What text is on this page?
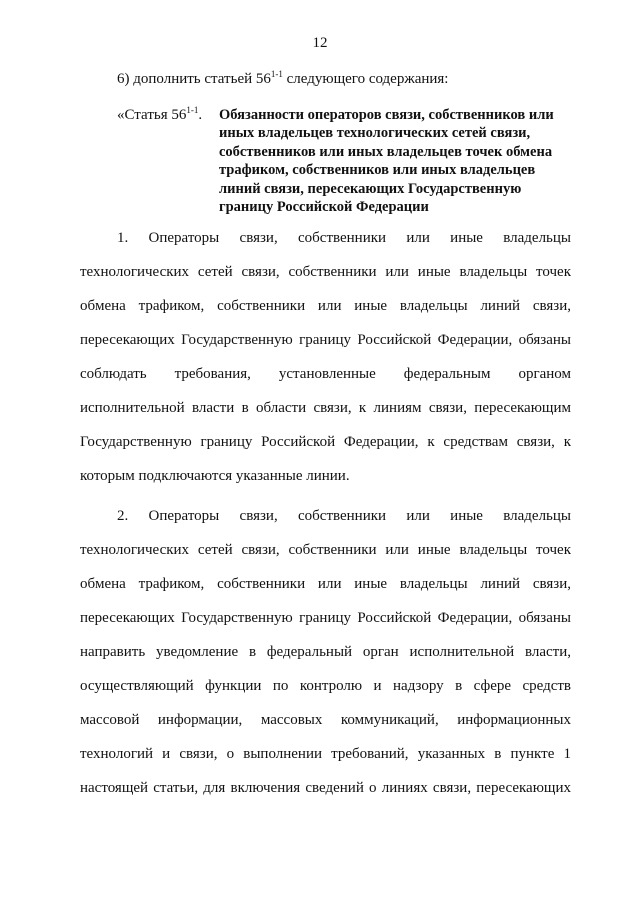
12
6) дополнить статьей 56$^{1-1}$ следующего содержания:
«Статья 56$^{1-1}$. Обязанности операторов связи, собственников или иных владельцев технологических сетей связи, собственников или иных владельцев точек обмена трафиком, собственников или иных владельцев линий связи, пересекающих Государственную границу Российской Федерации
1. Операторы связи, собственники или иные владельцы
технологических сетей связи, собственники или иные владельцы точек
обмена трафиком, собственники или иные владельцы линий связи,
пересекающих Государственную границу Российской Федерации, обязаны
соблюдать требования, установленные федеральным органом
исполнительной власти в области связи, к линиям связи, пересекающим
Государственную границу Российской Федерации, к средствам связи, к
которым подключаются указанные линии.
2. Операторы связи, собственники или иные владельцы
технологических сетей связи, собственники или иные владельцы точек
обмена трафиком, собственники или иные владельцы линий связи,
пересекающих Государственную границу Российской Федерации, обязаны
направить уведомление в федеральный орган исполнительной власти,
осуществляющий функции по контролю и надзору в сфере средств
массовой информации, массовых коммуникаций, информационных
технологий и связи, о выполнении требований, указанных в пункте 1
настоящей статьи, для включения сведений о линиях связи, пересекающих
